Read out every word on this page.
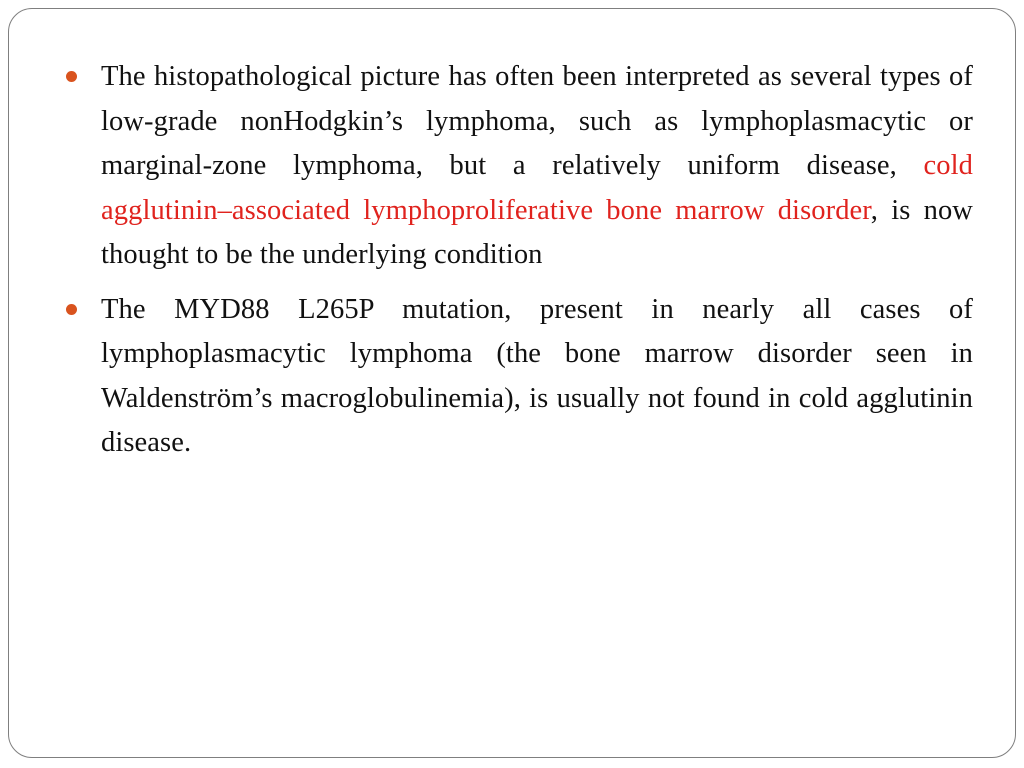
The histopathological picture has often been interpreted as several types of low-grade nonHodgkin’s lymphoma, such as lymphoplasmacytic or marginal-zone lymphoma, but a relatively uniform disease, cold agglutinin–associated lymphoproliferative bone marrow disorder, is now thought to be the underlying condition
The MYD88 L265P mutation, present in nearly all cases of lymphoplasmacytic lymphoma (the bone marrow disorder seen in Waldenström’s macroglobulinemia), is usually not found in cold agglutinin disease.
